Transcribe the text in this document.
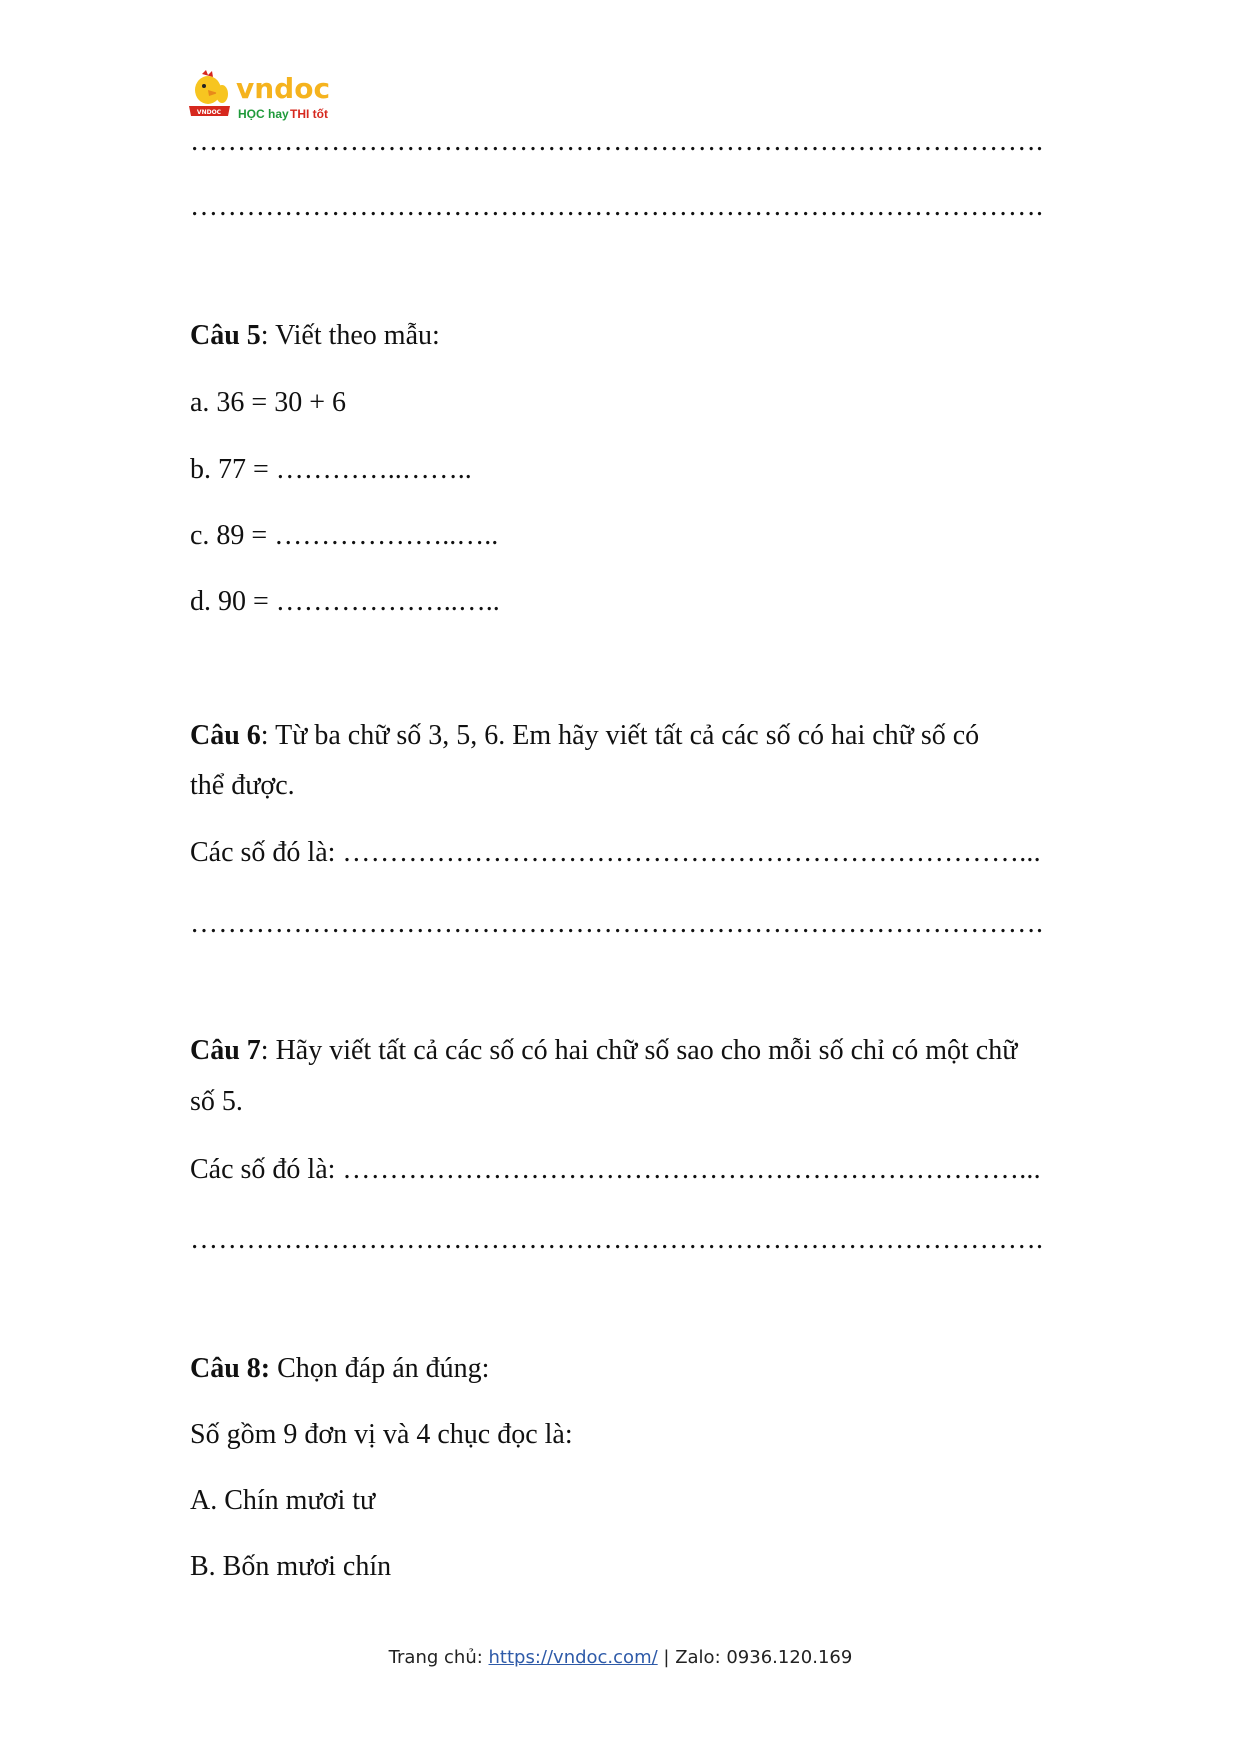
VNDOC
vndoc
HỌC hay THI tốt
……………………………………………………………………………….
……………………………………………………………………………….
Câu 5: Viết theo mẫu:
a. 36 = 30 + 6
b. 77 = …………..……..
c. 89 = ………………..…..
d. 90 = ………………..…..
Câu 6: Từ ba chữ số 3, 5, 6. Em hãy viết tất cả các số có hai chữ số có
thể được.
Các số đó là: ………………………………………………………………...
……………………………………………………………………………….
Câu 7: Hãy viết tất cả các số có hai chữ số sao cho mỗi số chỉ có một chữ
số 5.
Các số đó là: ………………………………………………………………...
……………………………………………………………………………….
Câu 8: Chọn đáp án đúng:
Số gồm 9 đơn vị và 4 chục đọc là:
A. Chín mươi tư
B. Bốn mươi chín
Trang chủ: https://vndoc.com/ | Zalo: 0936.120.169
